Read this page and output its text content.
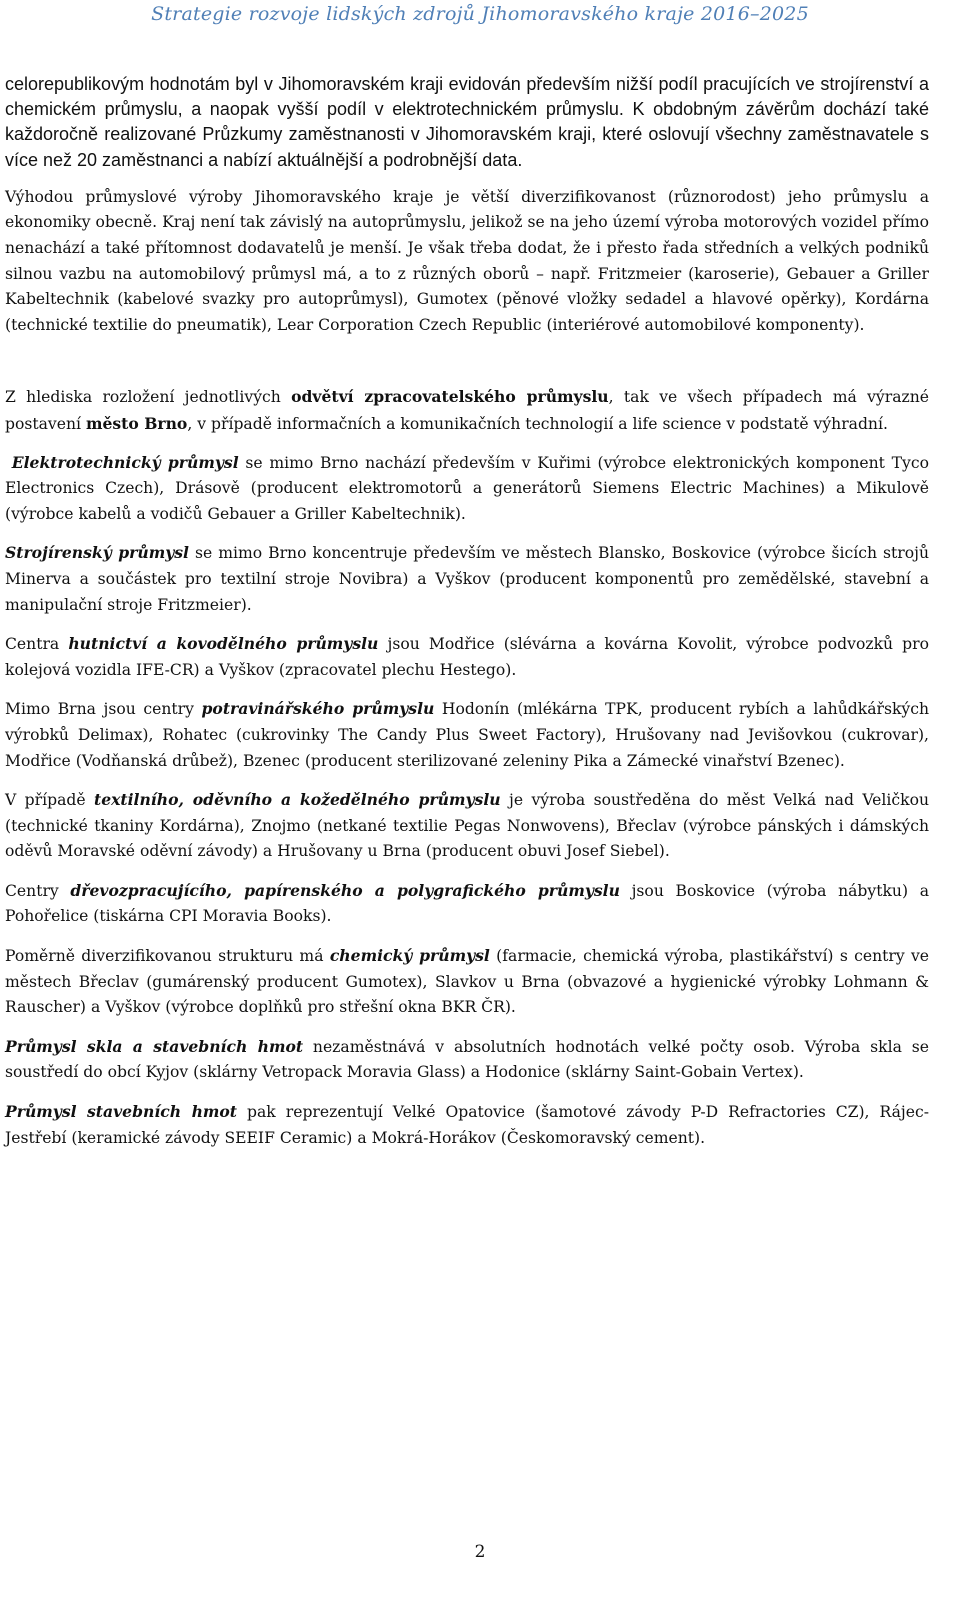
Strategie rozvoje lidských zdrojů Jihomoravského kraje 2016–2025

celorepublikovým hodnotám byl v Jihomoravském kraji evidován především nižší podíl pracujících ve strojírenství a chemickém průmyslu, a naopak vyšší podíl v elektrotechnickém průmyslu. K obdobným závěrům dochází také každoročně realizované Průzkumy zaměstnanosti v Jihomoravském kraji, které oslovují všechny zaměstnavatele s více než 20 zaměstnanci a nabízí aktuálnější a podrobnější data.

Výhodou průmyslové výroby Jihomoravského kraje je větší diverzifikovanost (různorodost) jeho průmyslu a ekonomiky obecně. Kraj není tak závislý na autoprůmyslu, jelikož se na jeho území výroba motorových vozidel přímo nenachází a také přítomnost dodavatelů je menší. Je však třeba dodat, že i přesto řada středních a velkých podniků silnou vazbu na automobilový průmysl má, a to z různých oborů – např. Fritzmeier (karoserie), Gebauer a Griller Kabeltechnik (kabelové svazky pro autoprůmysl), Gumotex (pěnové vložky sedadel a hlavové opěrky), Kordárna (technické textilie do pneumatik), Lear Corporation Czech Republic (interiérové automobilové komponenty).

Z hlediska rozložení jednotlivých odvětví zpracovatelského průmyslu, tak ve všech případech má výrazné postavení město Brno, v případě informačních a komunikačních technologií a life science v podstatě výhradní.

Elektrotechnický průmysl se mimo Brno nachází především v Kuřimi (výrobce elektronických komponent Tyco Electronics Czech), Drásově (producent elektromotorů a generátorů Siemens Electric Machines) a Mikulově (výrobce kabelů a vodičů Gebauer a Griller Kabeltechnik).

Strojírenský průmysl se mimo Brno koncentruje především ve městech Blansko, Boskovice (výrobce šicích strojů Minerva a součástek pro textilní stroje Novibra) a Vyškov (producent komponentů pro zemědělské, stavební a manipulační stroje Fritzmeier).

Centra hutnictví a kovodělného průmyslu jsou Modřice (slévárna a kovárna Kovolit, výrobce podvozků pro kolejová vozidla IFE-CR) a Vyškov (zpracovatel plechu Hestego).

Mimo Brna jsou centry potravinářského průmyslu Hodonín (mlékárna TPK, producent rybích a lahůdkářských výrobků Delimax), Rohatec (cukrovinky The Candy Plus Sweet Factory), Hrušovany nad Jevišovkou (cukrovar), Modřice (Vodňanská drůbež), Bzenec (producent sterilizované zeleniny Pika a Zámecké vinařství Bzenec).

V případě textilního, oděvního a kožedělného průmyslu je výroba soustředěna do měst Velká nad Veličkou (technické tkaniny Kordárna), Znojmo (netkané textilie Pegas Nonwovens), Břeclav (výrobce pánských i dámských oděvů Moravské oděvní závody) a Hrušovany u Brna (producent obuvi Josef Siebel).

Centry dřevozpracujícího, papírenského a polygrafického průmyslu jsou Boskovice (výroba nábytku) a Pohořelice (tiskárna CPI Moravia Books).

Poměrně diverzifikovanou strukturu má chemický průmysl (farmacie, chemická výroba, plastikářství) s centry ve městech Břeclav (gumárenský producent Gumotex), Slavkov u Brna (obvazové a hygienické výrobky Lohmann & Rauscher) a Vyškov (výrobce doplňků pro střešní okna BKR ČR).

Průmysl skla a stavebních hmot nezaměstnává v absolutních hodnotách velké počty osob. Výroba skla se soustředí do obcí Kyjov (sklárny Vetropack Moravia Glass) a Hodonice (sklárny Saint-Gobain Vertex).

Průmysl stavebních hmot pak reprezentují Velké Opatovice (šamotové závody P-D Refractories CZ), Rájec-Jestřebí (keramické závody SEEIF Ceramic) a Mokrá-Horákov (Českomoravský cement).

2
